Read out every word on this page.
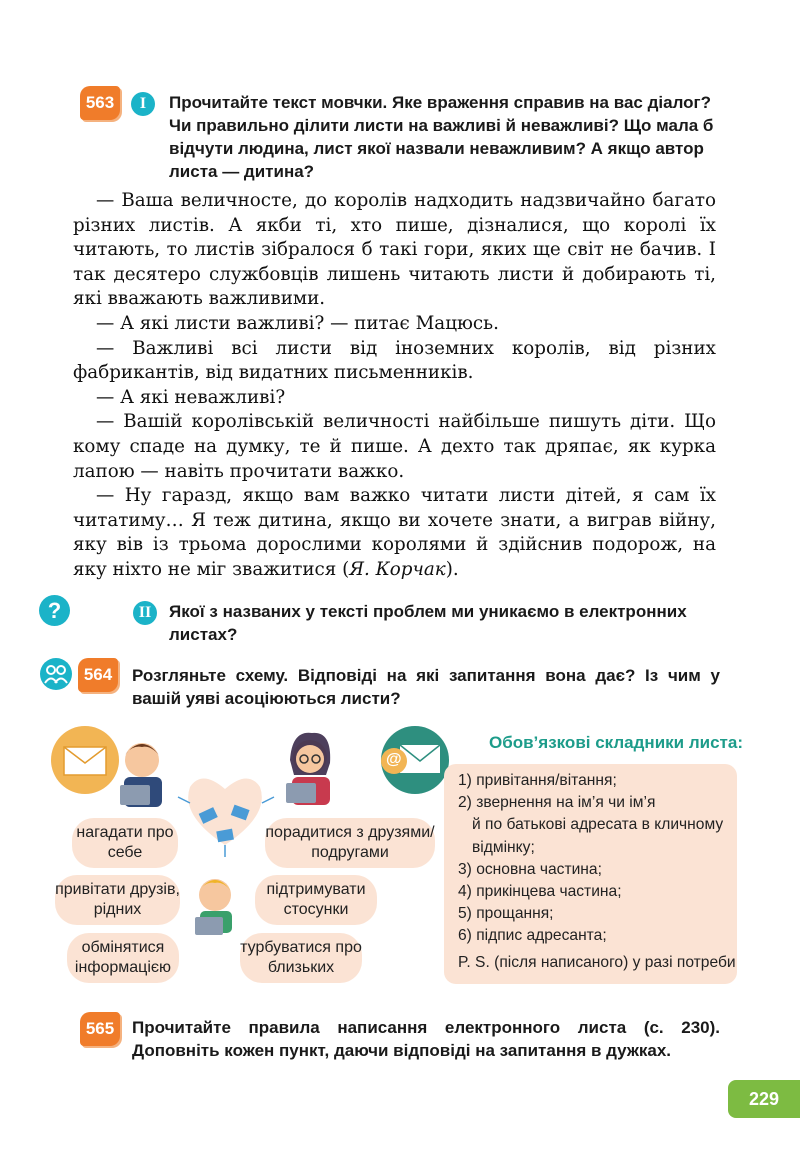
563 I Прочитайте текст мовчки. Яке враження справив на вас діалог? Чи правильно ділити листи на важливі й неважливі? Що мала б відчути людина, лист якої назвали неважливим? А якщо автор листа — дитина?

— Ваша величносте, до королів надходить надзвичайно багато різних листів. А якби ті, хто пише, дізналися, що королі їх читають, то листів зібралося б такі гори, яких ще світ не бачив. І так десятеро службовців лишень читають листи й добирають ті, які вважають важливими.

— А які листи важливі? — питає Мацюсь.

— Важливі всі листи від іноземних королів, від різних фабрикантів, від видатних письменників.

— А які неважливі?

— Вашій королівській величності найбільше пишуть діти. Що кому спаде на думку, те й пише. А дехто так дряпає, як курка лапою — навіть прочитати важко.

— Ну гаразд, якщо вам важко читати листи дітей, я сам їх читатиму… Я теж дитина, якщо ви хочете знати, а виграв війну, яку вів із трьома дорослими королями й здійснив подорож, на яку ніхто не міг зважитися (Я. Корчак).

?	II Якої з названих у тексті проблем ми уникаємо в електронних листах?

564 Розгляньте схему. Відповіді на які запитання вона дає? Із чим у вашій уяві асоціюються листи?

@
нагадати про себе
порадитися з друзями/подругами
привітати друзів, рідних
підтримувати стосунки
обмінятися інформацією
турбуватися про близьких

Обов’язкові складники листа:

1) привітання/вітання;
2) звернення на ім’я чи ім’я
й по батькові адресата в кличному
відмінку;
3) основна частина;
4) прикінцева частина;
5) прощання;
6) підпис адресанта;
P. S. (після написаного) у разі потреби
565 Прочитайте правила написання електронного листа (с. 230). Доповніть кожен пункт, даючи відповіді на запитання в дужках.

229
